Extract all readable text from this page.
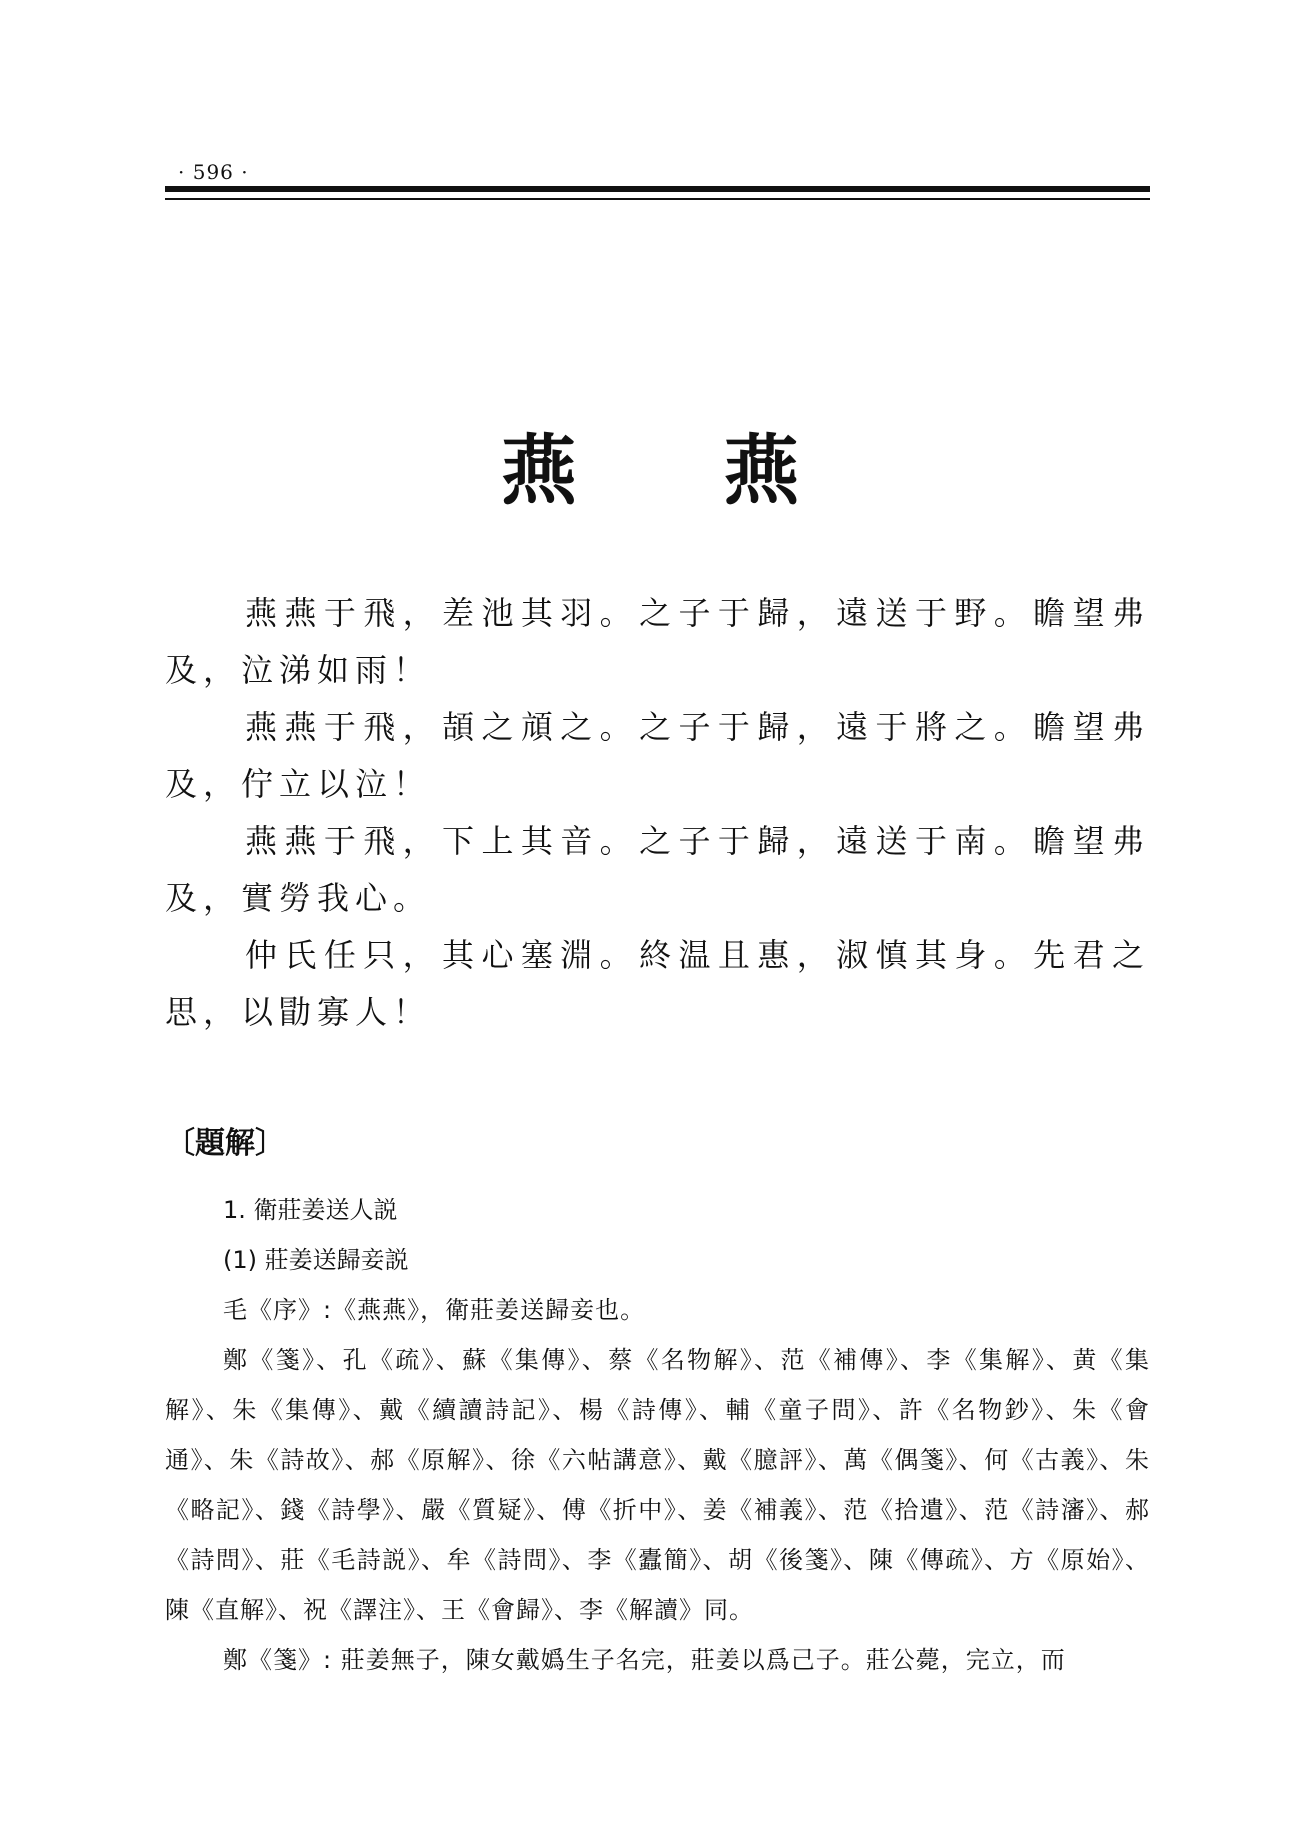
· 596 ·
燕 燕

燕燕于飛，差池其羽。之子于歸，遠送于野。瞻望弗及，泣涕如雨！

燕燕于飛，頡之頏之。之子于歸，遠于將之。瞻望弗及，佇立以泣！

燕燕于飛，下上其音。之子于歸，遠送于南。瞻望弗及，實勞我心。

仲氏任只，其心塞淵。終温且惠，淑慎其身。先君之思，以勖寡人！

〔題解〕

1. 衛莊姜送人説

(1) 莊姜送歸妾説

毛《序》:《燕燕》，衛莊姜送歸妾也。

鄭《箋》、孔《疏》、蘇《集傳》、蔡《名物解》、范《補傳》、李《集解》、黄《集解》、朱《集傳》、戴《續讀詩記》、楊《詩傳》、輔《童子問》、許《名物鈔》、朱《會通》、朱《詩故》、郝《原解》、徐《六帖講意》、戴《臆評》、萬《偶箋》、何《古義》、朱《略記》、錢《詩學》、嚴《質疑》、傅《折中》、姜《補義》、范《拾遺》、范《詩瀋》、郝《詩問》、莊《毛詩説》、牟《詩問》、李《蠹簡》、胡《後箋》、陳《傳疏》、方《原始》、陳《直解》、祝《譯注》、王《會歸》、李《解讀》同。

鄭《箋》: 莊姜無子，陳女戴嬀生子名完，莊姜以爲己子。莊公薨，完立，而
